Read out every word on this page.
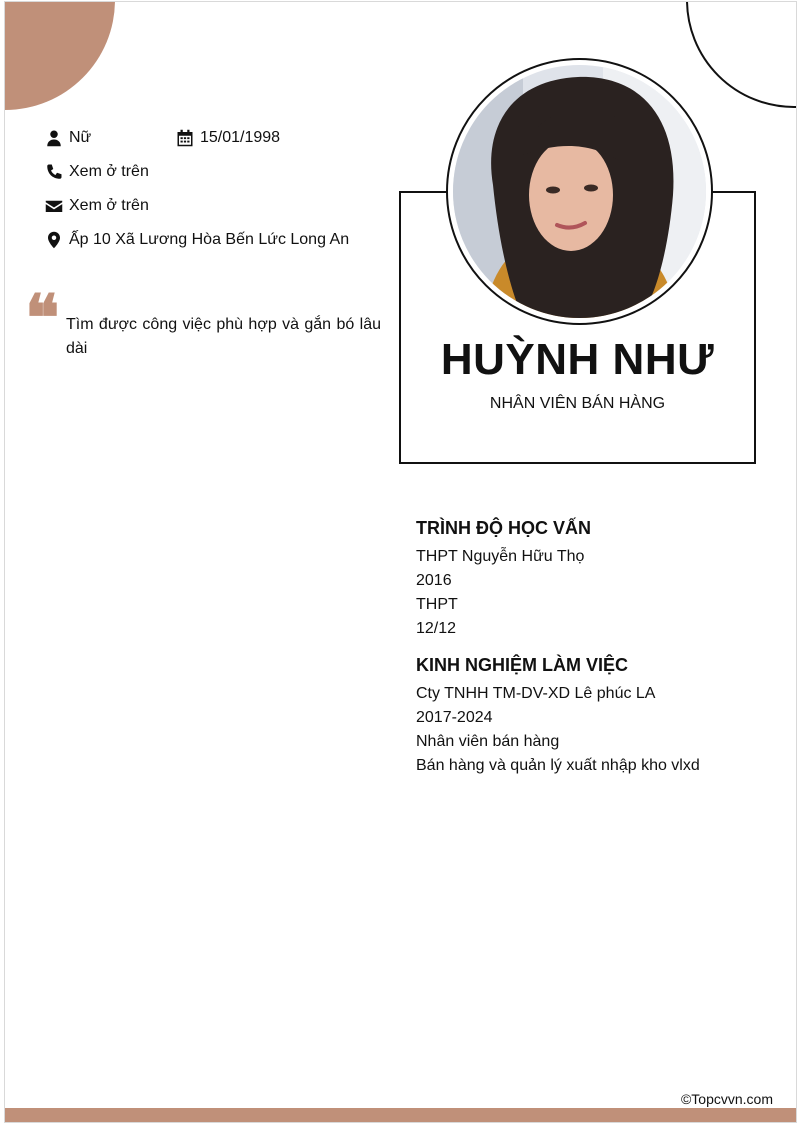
Nữ	15/01/1998
Xem ở trên
Xem ở trên
Ấp 10 Xã Lương Hòa Bến Lức Long An
❝ Tìm được công việc phù hợp và gắn bó lâu dài	HUỲNH NHƯ
NHÂN VIÊN BÁN HÀNG
TRÌNH ĐỘ HỌC VẤN
THPT Nguyễn Hữu Thọ
2016
THPT
12/12
KINH NGHIỆM LÀM VIỆC
Cty TNHH TM-DV-XD Lê phúc LA
2017-2024
Nhân viên bán hàng
Bán hàng và quản lý xuất nhập kho vlxd
©Topcvvn.com
